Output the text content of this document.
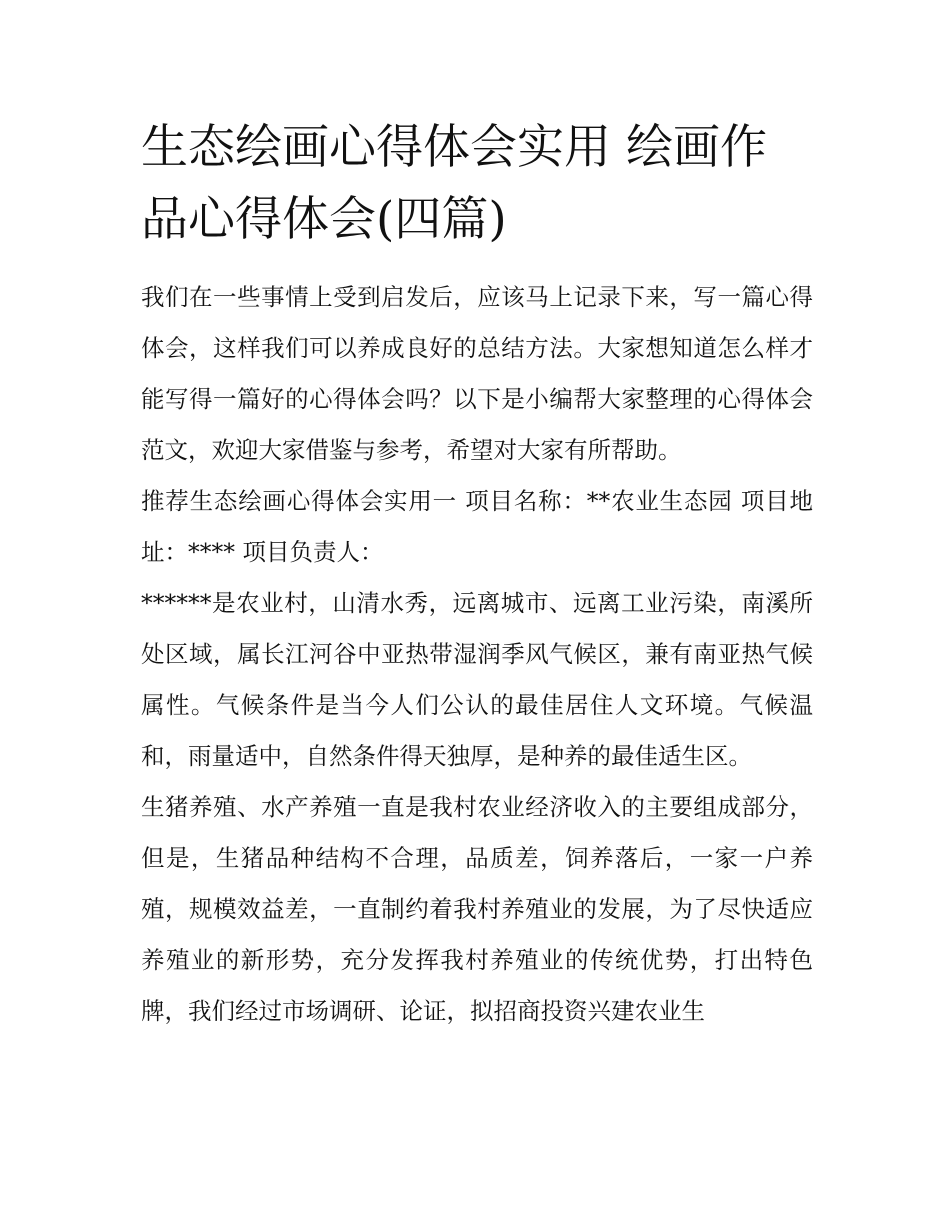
生态绘画心得体会实用 绘画作品心得体会(四篇)

我们在一些事情上受到启发后，应该马上记录下来，写一篇心得体会，这样我们可以养成良好的总结方法。大家想知道怎么样才能写得一篇好的心得体会吗？以下是小编帮大家整理的心得体会范文，欢迎大家借鉴与参考，希望对大家有所帮助。

推荐生态绘画心得体会实用一 项目名称：**农业生态园 项目地址：**** 项目负责人：

******是农业村，山清水秀，远离城市、远离工业污染，南溪所处区域，属长江河谷中亚热带湿润季风气候区，兼有南亚热气候属性。气候条件是当今人们公认的最佳居住人文环境。气候温和，雨量适中，自然条件得天独厚，是种养的最佳适生区。

生猪养殖、水产养殖一直是我村农业经济收入的主要组成部分，但是，生猪品种结构不合理，品质差，饲养落后，一家一户养殖，规模效益差，一直制约着我村养殖业的发展，为了尽快适应养殖业的新形势，充分发挥我村养殖业的传统优势，打出特色牌，我们经过市场调研、论证，拟招商投资兴建农业生
